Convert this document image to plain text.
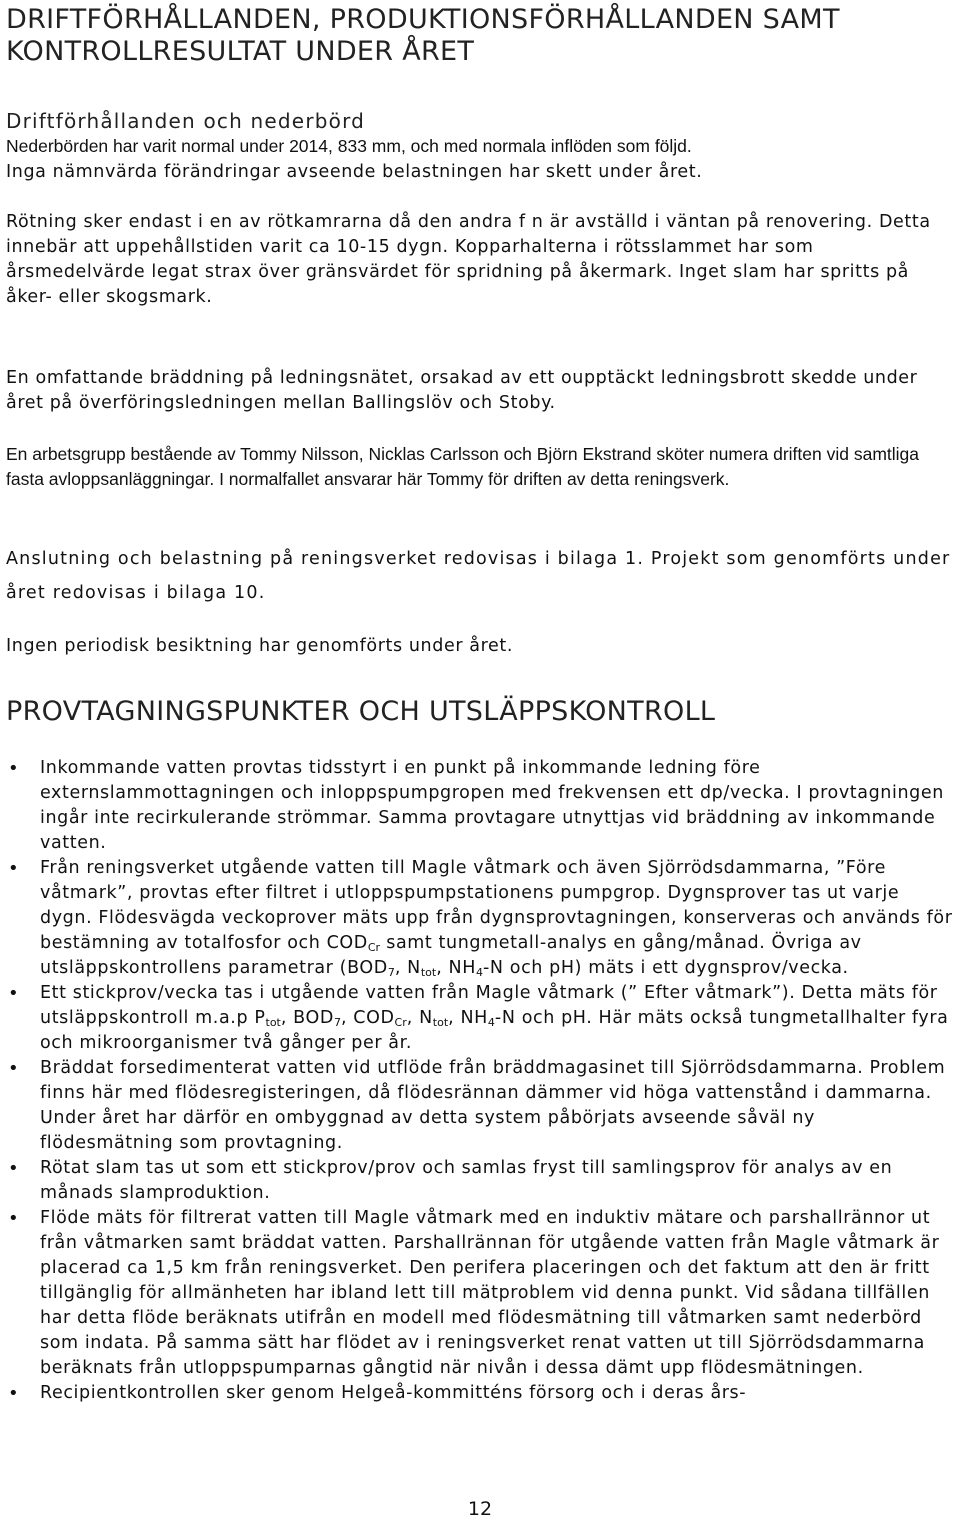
DRIFTFÖRHÅLLANDEN, PRODUKTIONSFÖRHÅLLANDEN SAMT KONTROLLRESULTAT UNDER ÅRET
Driftförhållanden och nederbörd
Nederbörden har varit normal under 2014, 833 mm, och med normala inflöden som följd.
Inga nämnvärda förändringar avseende belastningen har skett under året.
Rötning sker endast i en av rötkamrarna då den andra f n är avställd i väntan på renovering. Detta innebär att uppehållstiden varit ca 10-15 dygn. Kopparhalterna i rötsslammet har som årsmedelvärde legat strax över gränsvärdet för spridning på åkermark. Inget slam har spritts på åker- eller skogsmark.
En omfattande bräddning på ledningsnätet, orsakad av ett oupptäckt ledningsbrott skedde under året på överföringsledningen mellan Ballingslöv och Stoby.
En arbetsgrupp bestående av Tommy Nilsson, Nicklas Carlsson och Björn Ekstrand sköter numera driften vid samtliga fasta avloppsanläggningar. I normalfallet ansvarar här Tommy för driften av detta reningsverk.
Anslutning och belastning på reningsverket redovisas i bilaga 1. Projekt som genomförts under året redovisas i bilaga 10.
Ingen periodisk besiktning har genomförts under året.
PROVTAGNINGSPUNKTER OCH UTSLÄPPSKONTROLL
• Inkommande vatten provtas tidsstyrt i en punkt på inkommande ledning före externslammottagningen och inloppspumpgropen med frekvensen ett dp/vecka. I provtagningen ingår inte recirkulerande strömmar. Samma provtagare utnyttjas vid bräddning av inkommande vatten.
• Från reningsverket utgående vatten till Magle våtmark och även Sjörrödsdammarna, ”Före våtmark”, provtas efter filtret i utloppspumpstationens pumpgrop. Dygnsprover tas ut varje dygn. Flödesvägda veckoprover mäts upp från dygnsprovtagningen, konserveras och används för bestämning av totalfosfor och $COD_{Cr}$ samt tungmetall-analys en gång/månad. Övriga av utsläppskontrollens parametrar ($BOD_7$, $N_{tot}$, $NH_4-N$ och pH) mäts i ett dygnsprov/vecka.
• Ett stickprov/vecka tas i utgående vatten från Magle våtmark (” Efter våtmark”). Detta mäts för utsläppskontroll m.a.p $P_{tot}$, $BOD_7$, $COD_{Cr}$, $N_{tot}$, $NH_4-N$ och pH. Här mäts också tungmetallhalter fyra och mikroorganismer två gånger per år.
• Bräddat forsedimenterat vatten vid utflöde från bräddmagasinet till Sjörrödsdammarna. Problem finns här med flödesregisteringen, då flödesrännan dämmer vid höga vattenstånd i dammarna. Under året har därför en ombyggnad av detta system påbörjats avseende såväl ny flödesmätning som provtagning.
• Rötat slam tas ut som ett stickprov/prov och samlas fryst till samlingsprov för analys av en månads slamproduktion.
• Flöde mäts för filtrerat vatten till Magle våtmark med en induktiv mätare och parshallrännor ut från våtmarken samt bräddat vatten. Parshallrännan för utgående vatten från Magle våtmark är placerad ca 1,5 km från reningsverket. Den perifera placeringen och det faktum att den är fritt tillgänglig för allmänheten har ibland lett till mätproblem vid denna punkt. Vid sådana tillfällen har detta flöde beräknats utifrån en modell med flödesmätning till våtmarken samt nederbörd som indata. På samma sätt har flödet av i reningsverket renat vatten ut till Sjörrödsdammarna beräknats från utloppspumparnas gångtid när nivån i dessa dämt upp flödesmätningen.
• Recipientkontrollen sker genom Helgeå-kommitténs försorg och i deras års-
12
